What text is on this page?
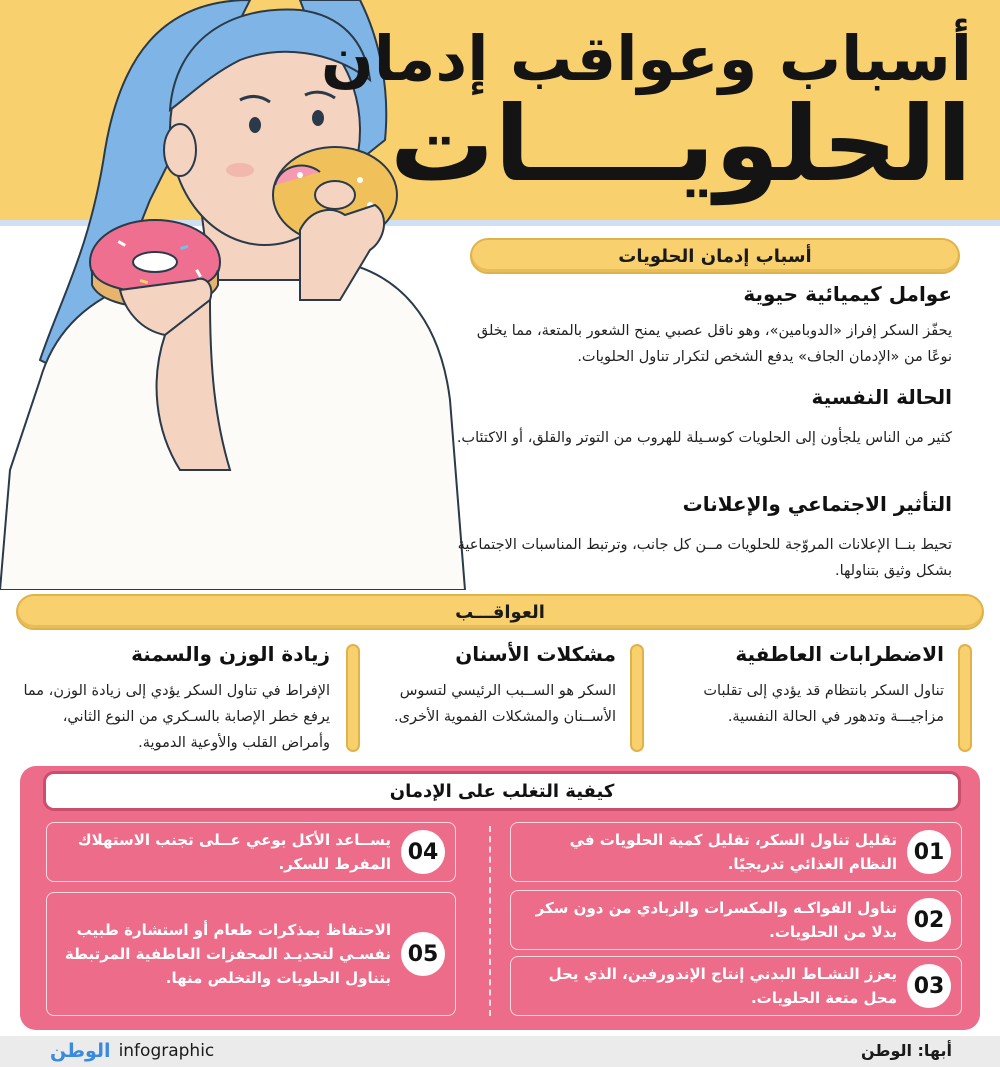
أسباب وعواقب إدمان
الحلويــــات
أسباب إدمان الحلويات
عوامل كيميائية حيوية
يحفّز السكر إفراز «الدوبامين»، وهو ناقل عصبي يمنح الشعور بالمتعة، مما يخلق نوعًا من «الإدمان الجاف» يدفع الشخص لتكرار تناول الحلويات.
الحالة النفسية
كثير من الناس يلجأون إلى الحلويات كوسـيلة للهروب من التوتر والقلق، أو الاكتئاب.
التأثير الاجتماعي والإعلانات
تحيط بنــا الإعلانات المروّجة للحلويات مــن كل جانب، وترتبط المناسبات الاجتماعية بشكل وثيق بتناولها.
العواقـــب
الاضطرابات العاطفية
تناول السكر بانتظام قد يؤدي إلى تقلبات مزاجيـــة وتدهور في الحالة النفسية.
مشكلات الأسنان
السكر هو الســبب الرئيسي لتسوس الأســنان والمشكلات الفموية الأخرى.
زيادة الوزن والسمنة
الإفراط في تناول السكر يؤدي إلى زيادة الوزن، مما يرفع خطر الإصابة بالسـكري من النوع الثاني، وأمراض القلب والأوعية الدموية.
كيفية التغلب على الإدمان
01
تقليل تناول السكر، تقليل كمية الحلويات في النظام الغذائي تدريجيًا.
02
تناول الفواكـه والمكسرات والزبادي من دون سكر بدلا من الحلويات.
03
يعزز النشـاط البدني إنتاج الإندورفين، الذي يحل محل متعة الحلويات.
04
يســاعد الأكل بوعي عــلى تجنب الاستهلاك المفرط للسكر.
05
الاحتفاظ بمذكرات طعام أو استشارة طبيب نفسـي لتحديـد المحفزات العاطفية المرتبطة بتناول الحلويات والتخلص منها.
الوطن infographic	أبها: الوطن
